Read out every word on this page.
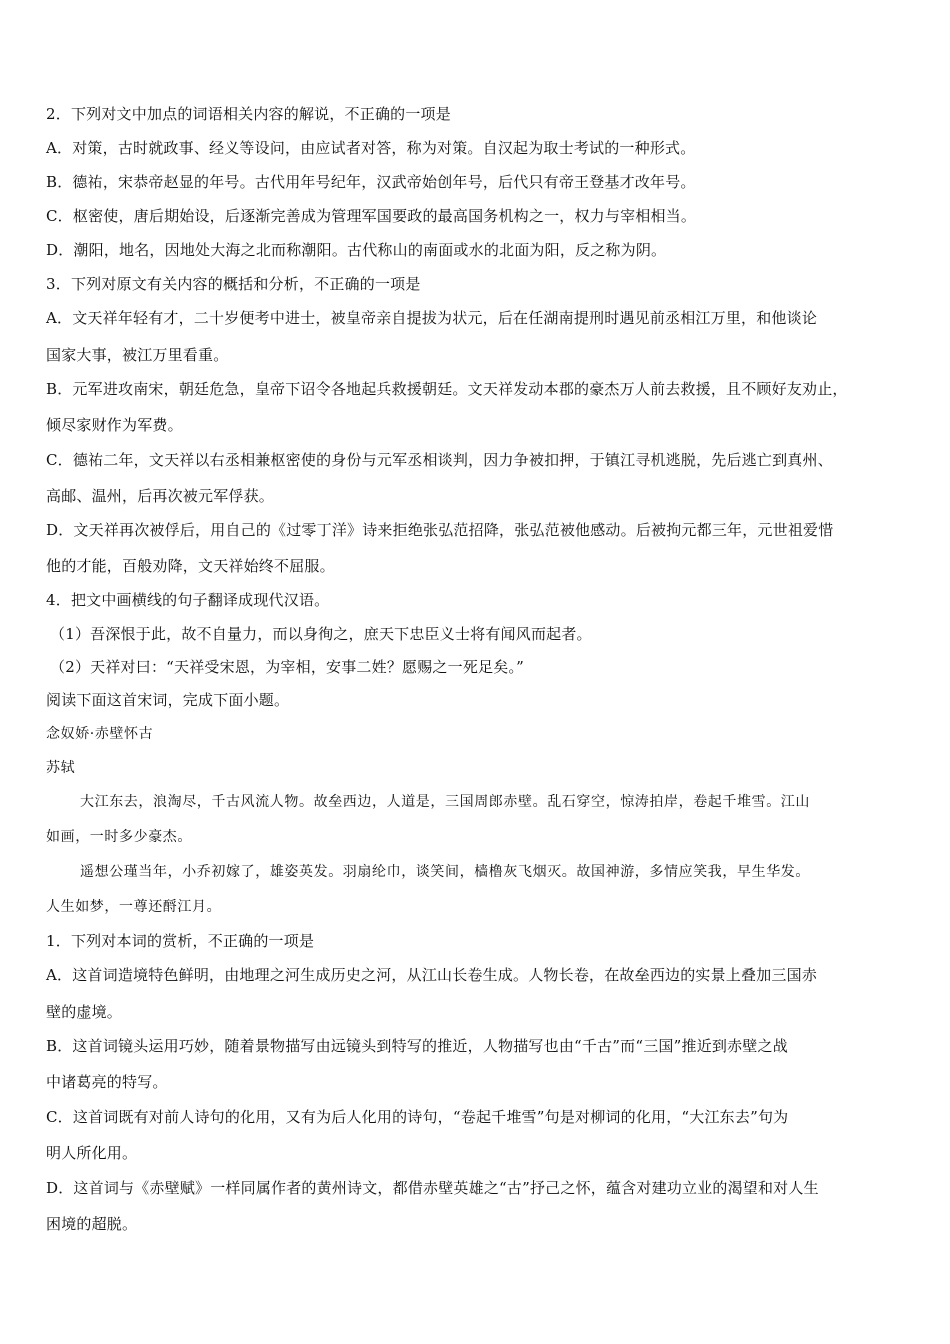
2．下列对文中加点的词语相关内容的解说，不正确的一项是
A．对策，古时就政事、经义等设问，由应试者对答，称为对策。自汉起为取士考试的一种形式。
B．德祐，宋恭帝赵显的年号。古代用年号纪年，汉武帝始创年号，后代只有帝王登基才改年号。
C．枢密使，唐后期始设，后逐渐完善成为管理军国要政的最高国务机构之一，权力与宰相相当。
D．潮阳，地名，因地处大海之北而称潮阳。古代称山的南面或水的北面为阳，反之称为阴。
3．下列对原文有关内容的概括和分析，不正确的一项是
A．文天祥年轻有才，二十岁便考中进士，被皇帝亲自提拔为状元，后在任湖南提刑时遇见前丞相江万里，和他谈论
国家大事，被江万里看重。
B．元军进攻南宋，朝廷危急，皇帝下诏令各地起兵救援朝廷。文天祥发动本郡的豪杰万人前去救援，且不顾好友劝止，
倾尽家财作为军费。
C．德祐二年，文天祥以右丞相兼枢密使的身份与元军丞相谈判，因力争被扣押，于镇江寻机逃脱，先后逃亡到真州、
高邮、温州，后再次被元军俘获。
D．文天祥再次被俘后，用自己的《过零丁洋》诗来拒绝张弘范招降，张弘范被他感动。后被拘元都三年，元世祖爱惜
他的才能，百般劝降，文天祥始终不屈服。
4．把文中画横线的句子翻译成现代汉语。
（1）吾深恨于此，故不自量力，而以身徇之，庶天下忠臣义士将有闻风而起者。
（2）天祥对曰：“天祥受宋恩，为宰相，安事二姓？愿赐之一死足矣。”
阅读下面这首宋词，完成下面小题。
念奴娇·赤壁怀古
苏轼
大江东去，浪淘尽，千古风流人物。故垒西边，人道是，三国周郎赤壁。乱石穿空，惊涛拍岸，卷起千堆雪。江山
如画，一时多少豪杰。
遥想公瑾当年，小乔初嫁了，雄姿英发。羽扇纶巾，谈笑间，樯橹灰飞烟灭。故国神游，多情应笑我，早生华发。
人生如梦，一尊还酹江月。
1．下列对本词的赏析，不正确的一项是
A．这首词造境特色鲜明，由地理之河生成历史之河，从江山长卷生成。人物长卷，在故垒西边的实景上叠加三国赤
壁的虚境。
B．这首词镜头运用巧妙，随着景物描写由远镜头到特写的推近，人物描写也由“千古”而“三国”推近到赤壁之战
中诸葛亮的特写。
C．这首词既有对前人诗句的化用，又有为后人化用的诗句，“卷起千堆雪”句是对柳词的化用，“大江东去”句为
明人所化用。
D．这首词与《赤壁赋》一样同属作者的黄州诗文，都借赤壁英雄之“古”抒己之怀，蕴含对建功立业的渴望和对人生
困境的超脱。
